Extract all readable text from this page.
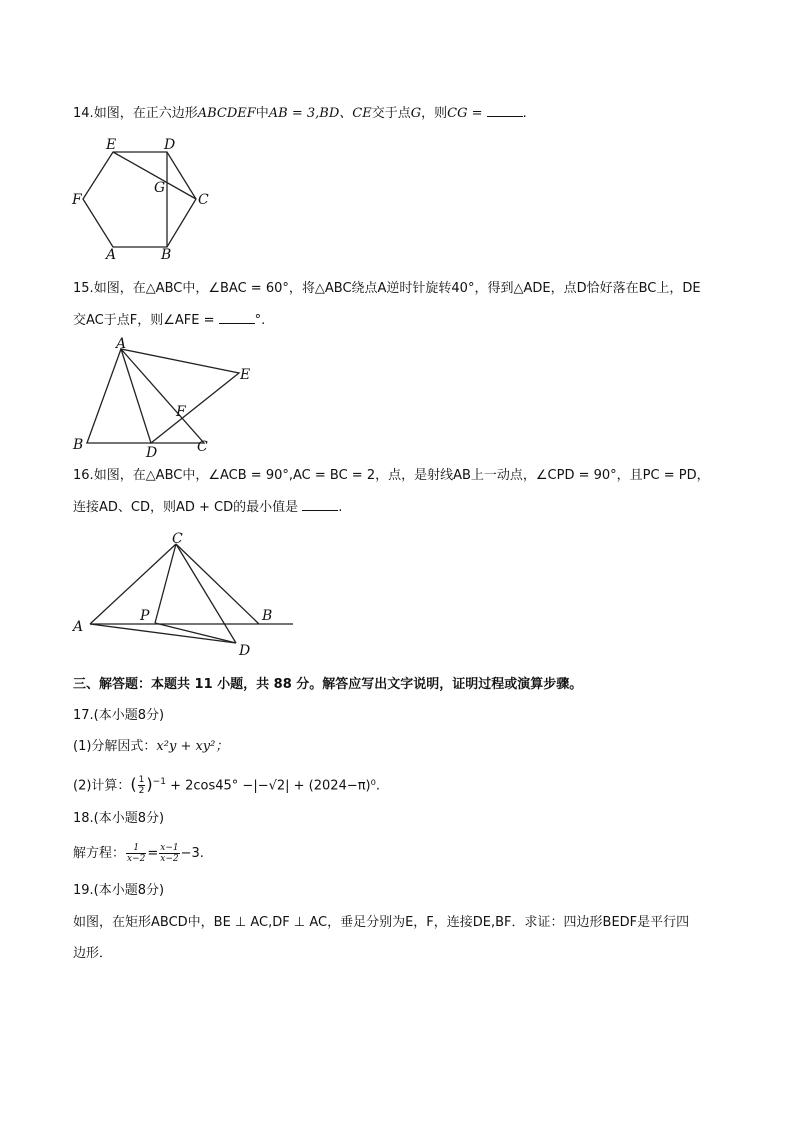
14.如图，在正六边形ABCDEF中AB = 3,BD、CE交于点G，则CG =	.
E	D
F
G
C
A	B
15.如图，在△ABC中，∠BAC = 60°，将△ABC绕点A逆时针旋转40°，得到△ADE，点D恰好落在BC上，DE
交AC于点F，则∠AFE =	°.
A
E
F
B	D	C
16.如图，在△ABC中，∠ACB = 90°,AC = BC = 2，点，是射线AB上一动点，∠CPD = 90°，且PC = PD，
连接AD、CD，则AD + CD的最小值是	.
C
A
P	B
D
三、解答题：本题共 11 小题，共 88 分。解答应写出文字说明，证明过程或演算步骤。
17.(本小题8分)
(1)分解因式：x²y + xy²；
(2)计算：( $\frac{1}{2} )^{-1} + 2\cos 45^\circ -|-√2| + (2024-\pi)^0$.
18.(本小题8分)
解方程： $\frac{1}{x-2} = \frac{x-1}{x-2} -3$.
19.(本小题8分)
如图，在矩形ABCD中，BE ⊥ AC,DF ⊥ AC，垂足分别为E，F，连接DE,BF．求证：四边形BEDF是平行四
边形．
